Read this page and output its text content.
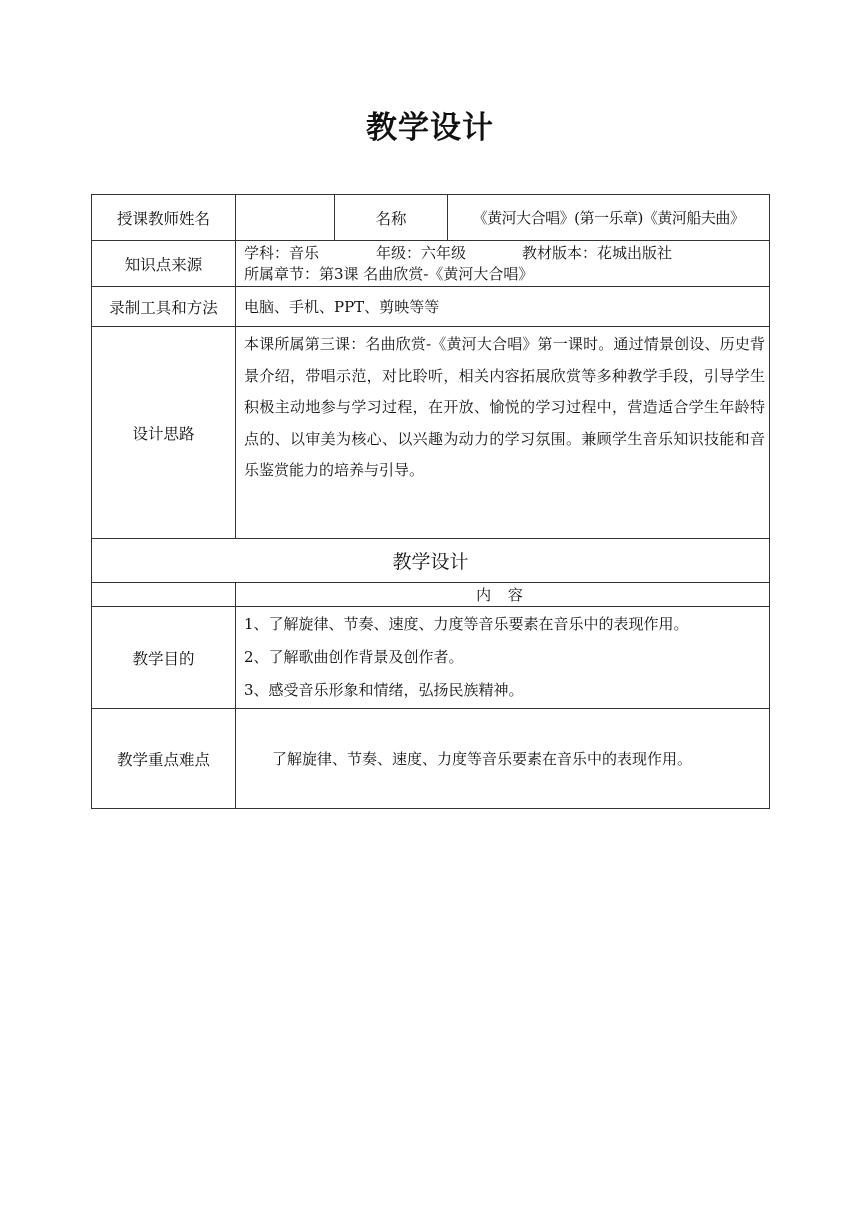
教学设计
授课教师姓名		名称	《黄河大合唱》(第一乐章)《黄河船夫曲》
知识点来源	学科：音乐 年级：六年级 教材版本：花城出版社
所属章节：第3课 名曲欣赏-《黄河大合唱》		

录制工具和方法	电脑、手机、PPT、剪映等等		
设计思路	本课所属第三课：名曲欣赏-《黄河大合唱》第一课时。通过情景创设、历史背景介绍，带唱示范，对比聆听，相关内容拓展欣赏等多种教学手段，引导学生积极主动地参与学习过程，在开放、愉悦的学习过程中，营造适合学生年龄特点的、以审美为核心、以兴趣为动力的学习氛围。兼顾学生音乐知识技能和音乐鉴赏能力的培养与引导。		

教学设计			
	内 容		
教学目的	1、了解旋律、节奏、速度、力度等音乐要素在音乐中的表现作用。
2、了解歌曲创作背景及创作者。
3、感受音乐形象和情绪，弘扬民族精神。		

教学重点难点	了解旋律、节奏、速度、力度等音乐要素在音乐中的表现作用。		
